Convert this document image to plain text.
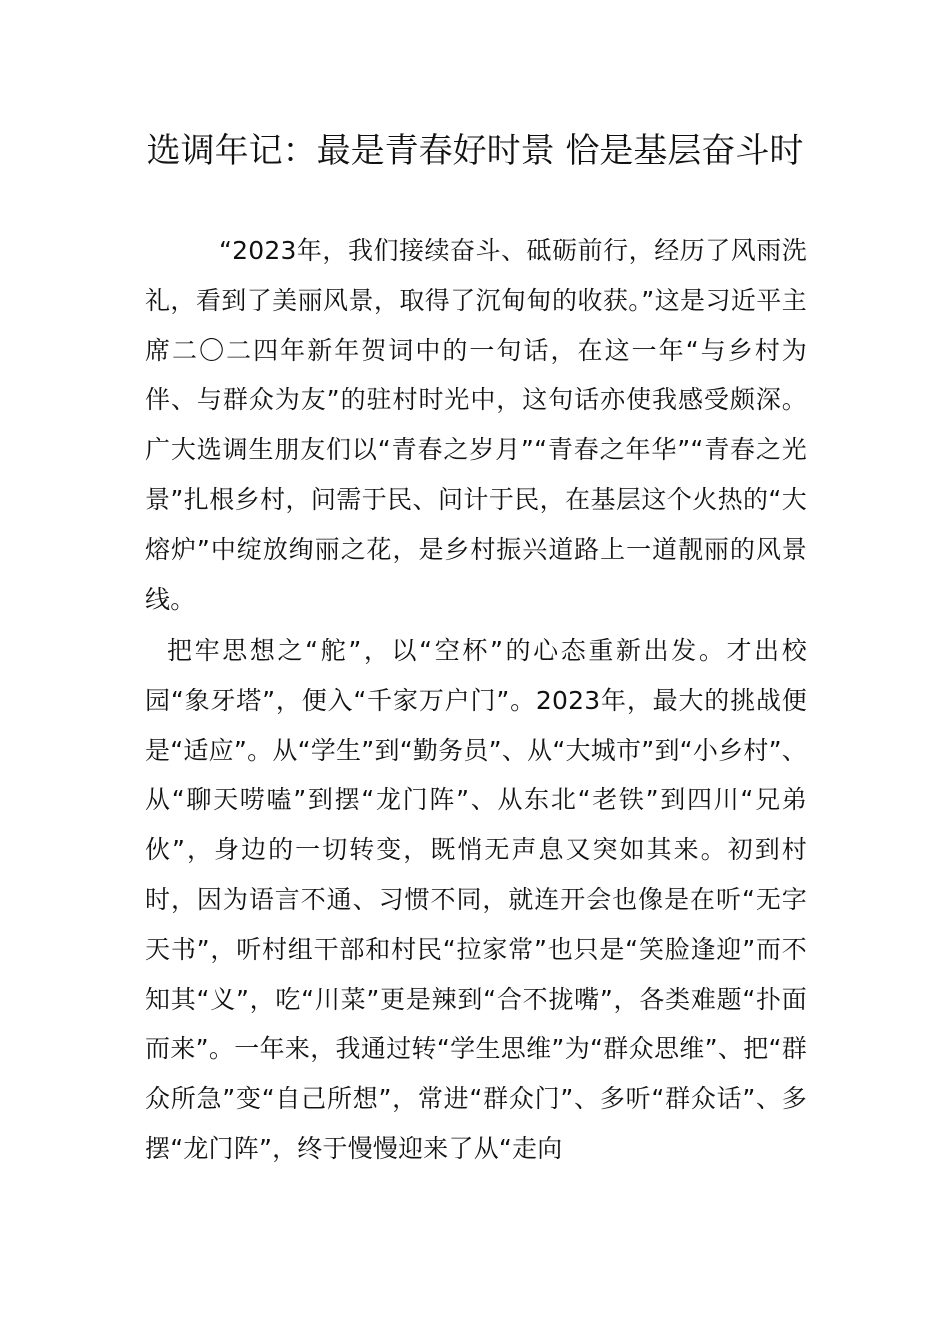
选调年记：最是青春好时景 恰是基层奋斗时

“2023年，我们接续奋斗、砥砺前行，经历了风雨洗礼，看到了美丽风景，取得了沉甸甸的收获。”这是习近平主席二〇二四年新年贺词中的一句话，在这一年“与乡村为伴、与群众为友”的驻村时光中，这句话亦使我感受颇深。广大选调生朋友们以“青春之岁月”“青春之年华”“青春之光景”扎根乡村，问需于民、问计于民，在基层这个火热的“大熔炉”中绽放绚丽之花，是乡村振兴道路上一道靓丽的风景线。

把牢思想之“舵”，以“空杯”的心态重新出发。才出校园“象牙塔”，便入“千家万户门”。2023年，最大的挑战便是“适应”。从“学生”到“勤务员”、从“大城市”到“小乡村”、从“聊天唠嗑”到摆“龙门阵”、从东北“老铁”到四川“兄弟伙”，身边的一切转变，既悄无声息又突如其来。初到村时，因为语言不通、习惯不同，就连开会也像是在听“无字天书”，听村组干部和村民“拉家常”也只是“笑脸逢迎”而不知其“义”，吃“川菜”更是辣到“合不拢嘴”，各类难题“扑面而来”。一年来，我通过转“学生思维”为“群众思维”、把“群众所急”变“自己所想”，常进“群众门”、多听“群众话”、多摆“龙门阵”，终于慢慢迎来了从“走向
